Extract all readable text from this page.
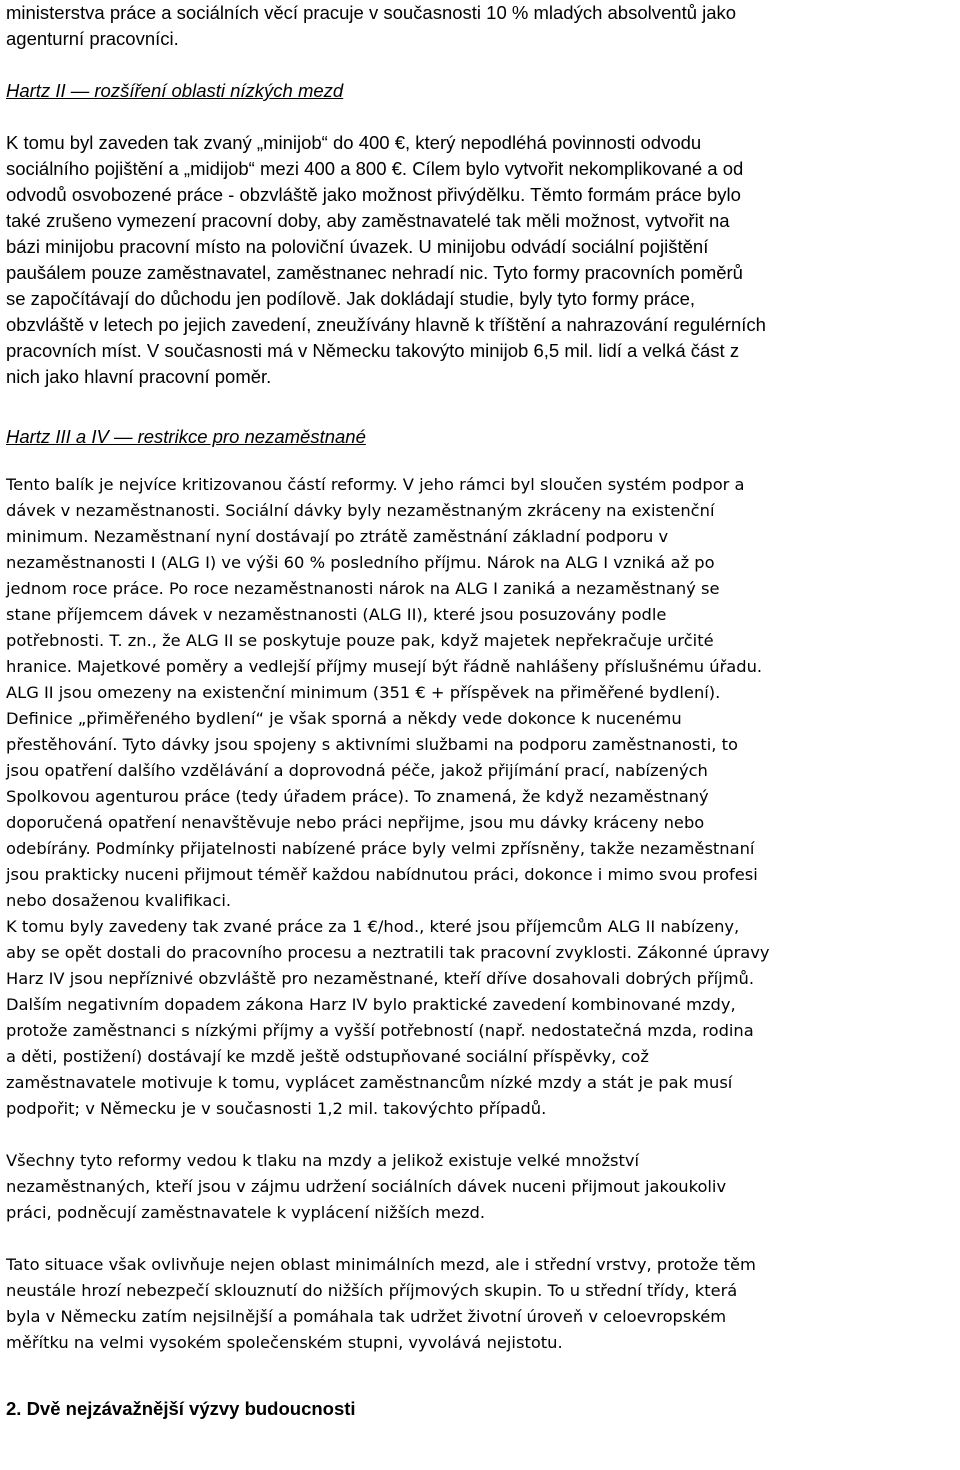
ministerstva práce a sociálních věcí pracuje v současnosti 10 % mladých absolventů jako
agenturní pracovníci.

Hartz II — rozšíření oblasti nízkých mezd

K tomu byl zaveden tak zvaný „minijob“ do 400 €, který nepodléhá povinnosti odvodu
sociálního pojištění a „midijob“ mezi 400 a 800 €. Cílem bylo vytvořit nekomplikované a od
odvodů osvobozené práce - obzvláště jako možnost přivýdělku. Těmto formám práce bylo
také zrušeno vymezení pracovní doby, aby zaměstnavatelé tak měli možnost, vytvořit na
bázi minijobu pracovní místo na poloviční úvazek. U minijobu odvádí sociální pojištění
paušálem pouze zaměstnavatel, zaměstnanec nehradí nic. Tyto formy pracovních poměrů
se započítávají do důchodu jen podílově. Jak dokládají studie, byly tyto formy práce,
obzvláště v letech po jejich zavedení, zneužívány hlavně k tříštění a nahrazování regulérních
pracovních míst. V současnosti má v Německu takovýto minijob 6,5 mil. lidí a velká část z
nich jako hlavní pracovní poměr.

Hartz III a IV — restrikce pro nezaměstnané

Tento balík je nejvíce kritizovanou částí reformy. V jeho rámci byl sloučen systém podpor a
dávek v nezaměstnanosti. Sociální dávky byly nezaměstnaným zkráceny na existenční
minimum. Nezaměstnaní nyní dostávají po ztrátě zaměstnání základní podporu v
nezaměstnanosti I (ALG I) ve výši 60 % posledního příjmu. Nárok na ALG I vzniká až po
jednom roce práce. Po roce nezaměstnanosti nárok na ALG I zaniká a nezaměstnaný se
stane příjemcem dávek v nezaměstnanosti (ALG II), které jsou posuzovány podle
potřebnosti. T. zn., že ALG II se poskytuje pouze pak, když majetek nepřekračuje určité
hranice. Majetkové poměry a vedlejší příjmy musejí být řádně nahlášeny příslušnému úřadu.
ALG II jsou omezeny na existenční minimum (351 € + příspěvek na přiměřené bydlení).
Definice „přiměřeného bydlení“ je však sporná a někdy vede dokonce k nucenému
přestěhování. Tyto dávky jsou spojeny s aktivními službami na podporu zaměstnanosti, to
jsou opatření dalšího vzdělávání a doprovodná péče, jakož přijímání prací, nabízených
Spolkovou agenturou práce (tedy úřadem práce). To znamená, že když nezaměstnaný
doporučená opatření nenavštěvuje nebo práci nepřijme, jsou mu dávky kráceny nebo
odebírány. Podmínky přijatelnosti nabízené práce byly velmi zpřísněny, takže nezaměstnaní
jsou prakticky nuceni přijmout téměř každou nabídnutou práci, dokonce i mimo svou profesi
nebo dosaženou kvalifikaci.
K tomu byly zavedeny tak zvané práce za 1 €/hod., které jsou příjemcům ALG II nabízeny,
aby se opět dostali do pracovního procesu a neztratili tak pracovní zvyklosti. Zákonné úpravy
Harz IV jsou nepříznivé obzvláště pro nezaměstnané, kteří dříve dosahovali dobrých příjmů.
Dalším negativním dopadem zákona Harz IV bylo praktické zavedení kombinované mzdy,
protože zaměstnanci s nízkými příjmy a vyšší potřebností (např. nedostatečná mzda, rodina
a děti, postižení) dostávají ke mzdě ještě odstupňované sociální příspěvky, což
zaměstnavatele motivuje k tomu, vyplácet zaměstnancům nízké mzdy a stát je pak musí
podpořit; v Německu je v současnosti 1,2 mil. takovýchto případů.

Všechny tyto reformy vedou k tlaku na mzdy a jelikož existuje velké množství
nezaměstnaných, kteří jsou v zájmu udržení sociálních dávek nuceni přijmout jakoukoliv
práci, podněcují zaměstnavatele k vyplácení nižších mezd.

Tato situace však ovlivňuje nejen oblast minimálních mezd, ale i střední vrstvy, protože těm
neustále hrozí nebezpečí sklouznutí do nižších příjmových skupin. To u střední třídy, která
byla v Německu zatím nejsilnější a pomáhala tak udržet životní úroveň v celoevropském
měřítku na velmi vysokém společenském stupni, vyvolává nejistotu.

2. Dvě nejzávažnější výzvy budoucnosti
